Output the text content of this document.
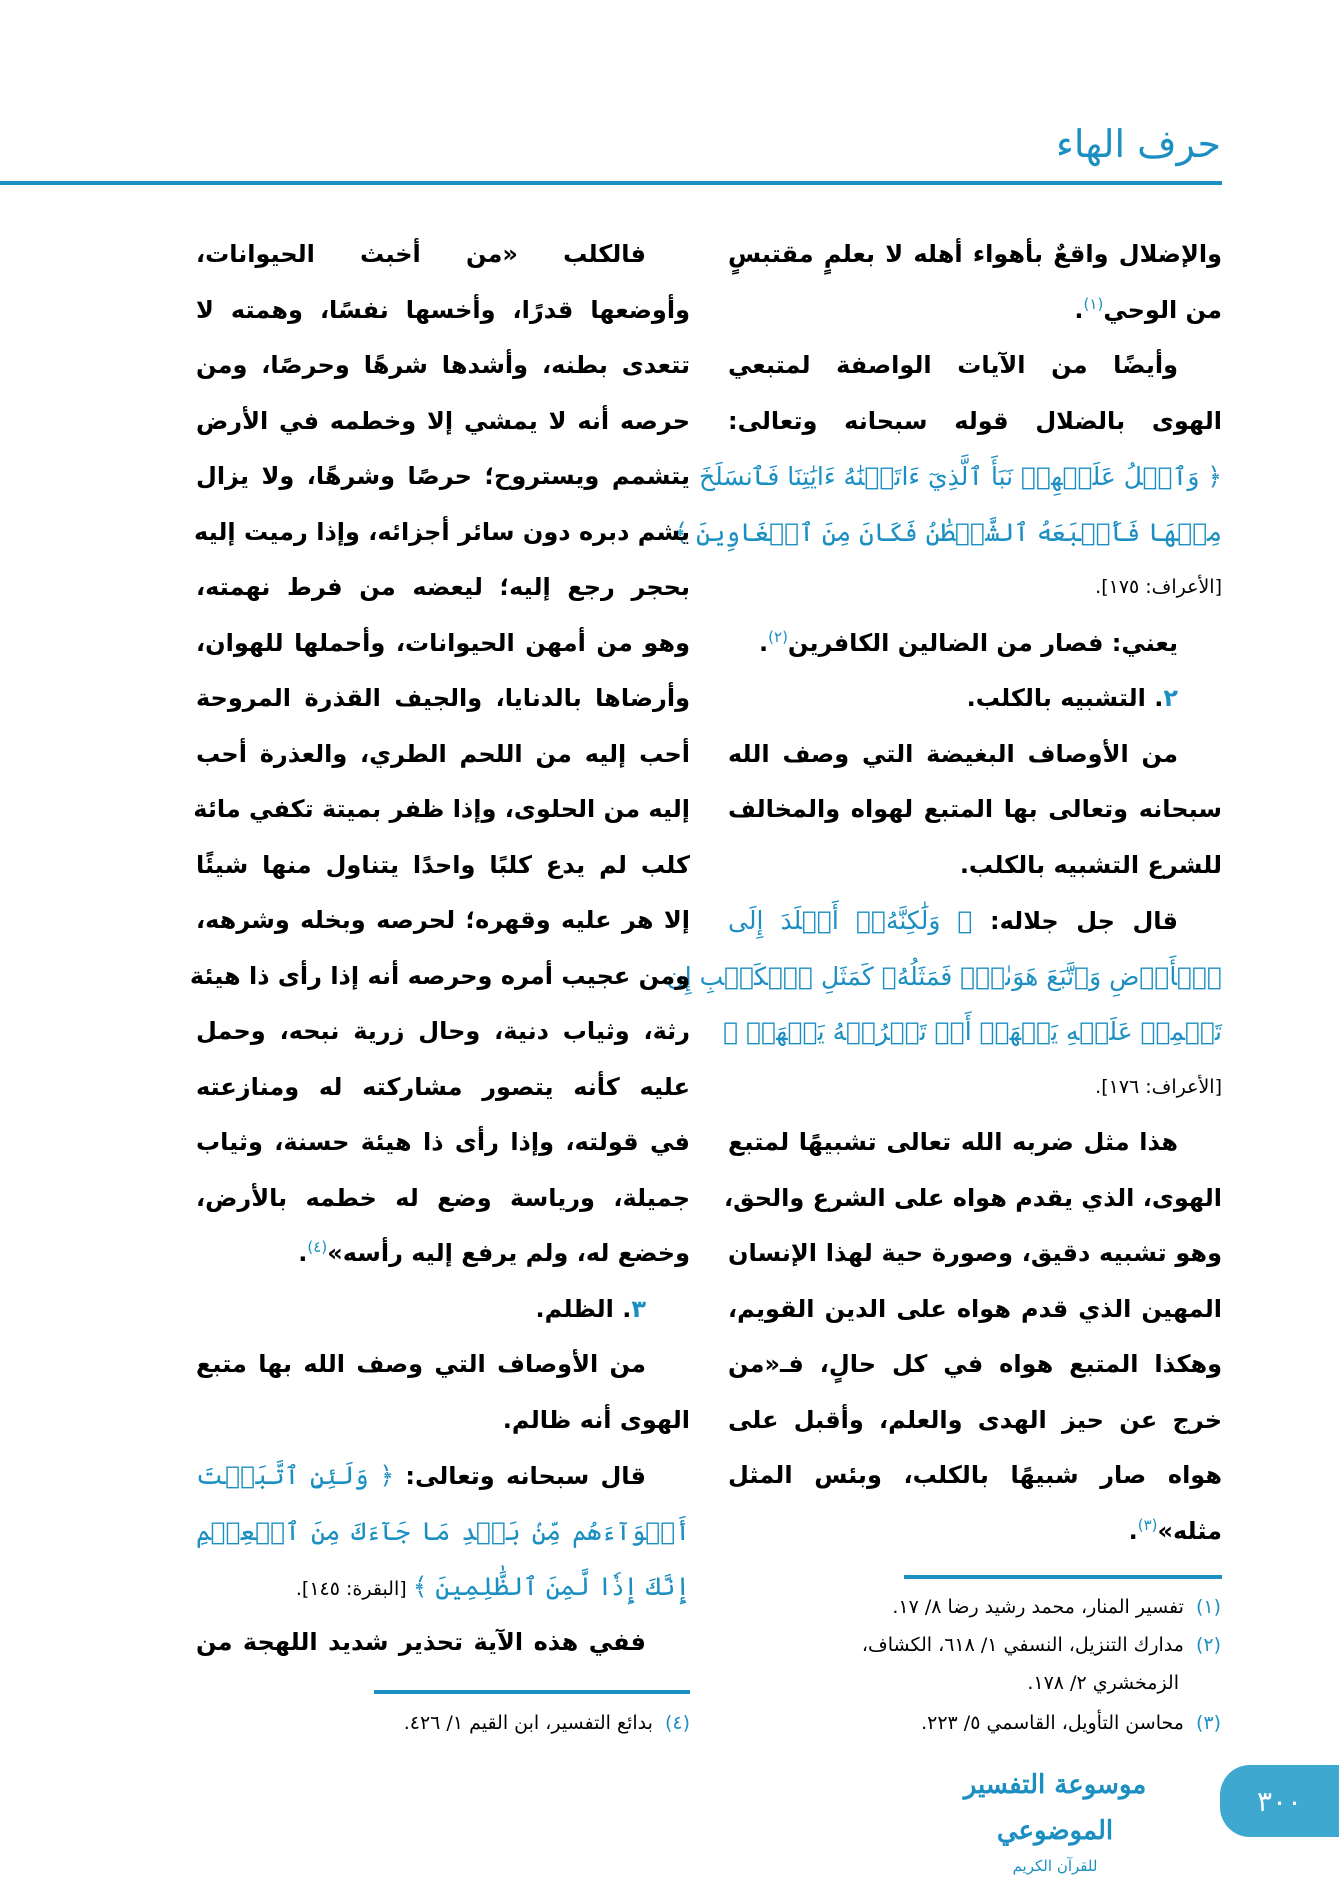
حرف الهاء
والإضلال واقعٌ بأهواء أهله لا بعلمٍ مقتبسٍ
من الوحي$^{(١)}$.
وأيضًا من الآيات الواصفة لمتبعي
الهوى بالضلال قوله سبحانه وتعالى:
﴿ وَٱتۡلُ عَلَيۡهِمۡ نَبَأَ ٱلَّذِيٓ ءَاتَيۡنَٰهُ ءَايَٰتِنَا فَٱنسَلَخَ
مِنۡهَا فَأَتۡبَعَهُ ٱلشَّيۡطَٰنُ فَكَانَ مِنَ ٱلۡغَاوِينَ ﴾
[الأعراف: ١٧٥].
يعني: فصار من الضالين الكافرين$^{(٢)}$.
٢. التشبيه بالكلب.
من الأوصاف البغيضة التي وصف الله
سبحانه وتعالى بها المتبع لهواه والمخالف
للشرع التشبيه بالكلب.
قال جل جلاله: ﴿ وَلَٰكِنَّهُۥٓ أَخۡلَدَ إِلَى
ٱلۡأَرۡضِ وَٱتَّبَعَ هَوَىٰهُۚ فَمَثَلُهُۥ كَمَثَلِ ٱلۡكَلۡبِ إِن
تَحۡمِلۡ عَلَيۡهِ يَلۡهَثۡ أَوۡ تَتۡرُكۡهُ يَلۡهَثۚ ﴾
[الأعراف: ١٧٦].
هذا مثل ضربه الله تعالى تشبيهًا لمتبع
الهوى، الذي يقدم هواه على الشرع والحق،
وهو تشبيه دقيق، وصورة حية لهذا الإنسان
المهين الذي قدم هواه على الدين القويم،
وهكذا المتبع هواه في كل حالٍ، فـ«من
خرج عن حيز الهدى والعلم، وأقبل على
هواه صار شبيهًا بالكلب، وبئس المثل
مثله»$^{(٣)}$.
فالكلب «من أخبث الحيوانات،
وأوضعها قدرًا، وأخسها نفسًا، وهمته لا
تتعدى بطنه، وأشدها شرهًا وحرصًا، ومن
حرصه أنه لا يمشي إلا وخطمه في الأرض
يتشمم ويستروح؛ حرصًا وشرهًا، ولا يزال
يشم دبره دون سائر أجزائه، وإذا رميت إليه
بحجر رجع إليه؛ ليعضه من فرط نهمته،
وهو من أمهن الحيوانات، وأحملها للهوان،
وأرضاها بالدنايا، والجيف القذرة المروحة
أحب إليه من اللحم الطري، والعذرة أحب
إليه من الحلوى، وإذا ظفر بميتة تكفي مائة
كلب لم يدع كلبًا واحدًا يتناول منها شيئًا
إلا هر عليه وقهره؛ لحرصه وبخله وشرهه،
ومن عجيب أمره وحرصه أنه إذا رأى ذا هيئة
رثة، وثياب دنية، وحال زرية نبحه، وحمل
عليه كأنه يتصور مشاركته له ومنازعته
في قولته، وإذا رأى ذا هيئة حسنة، وثياب
جميلة، ورياسة وضع له خطمه بالأرض،
وخضع له، ولم يرفع إليه رأسه»$^{(٤)}$.
٣. الظلم.
من الأوصاف التي وصف الله بها متبع
الهوى أنه ظالم.
قال سبحانه وتعالى: ﴿ وَلَئِنِ ٱتَّبَعۡتَ
أَهۡوَآءَهُم مِّنۢ بَعۡدِ مَا جَآءَكَ مِنَ ٱلۡعِلۡمِ
إِنَّكَ إِذٗا لَّمِنَ ٱلظَّٰلِمِينَ ﴾ [البقرة: ١٤٥].
ففي هذه الآية تحذير شديد اللهجة من
(١)تفسير المنار، محمد رشيد رضا ٨/ ١٧.
(٢)مدارك التنزيل، النسفي ١/ ٦١٨، الكشاف،
الزمخشري ٢/ ١٧٨.
(٣)محاسن التأويل، القاسمي ٥/ ٢٢٣.
(٤)بدائع التفسير، ابن القيم ١/ ٤٢٦.
موسوعة التفسير الموضوعي
للقرآن الكريم
٣٠٠
